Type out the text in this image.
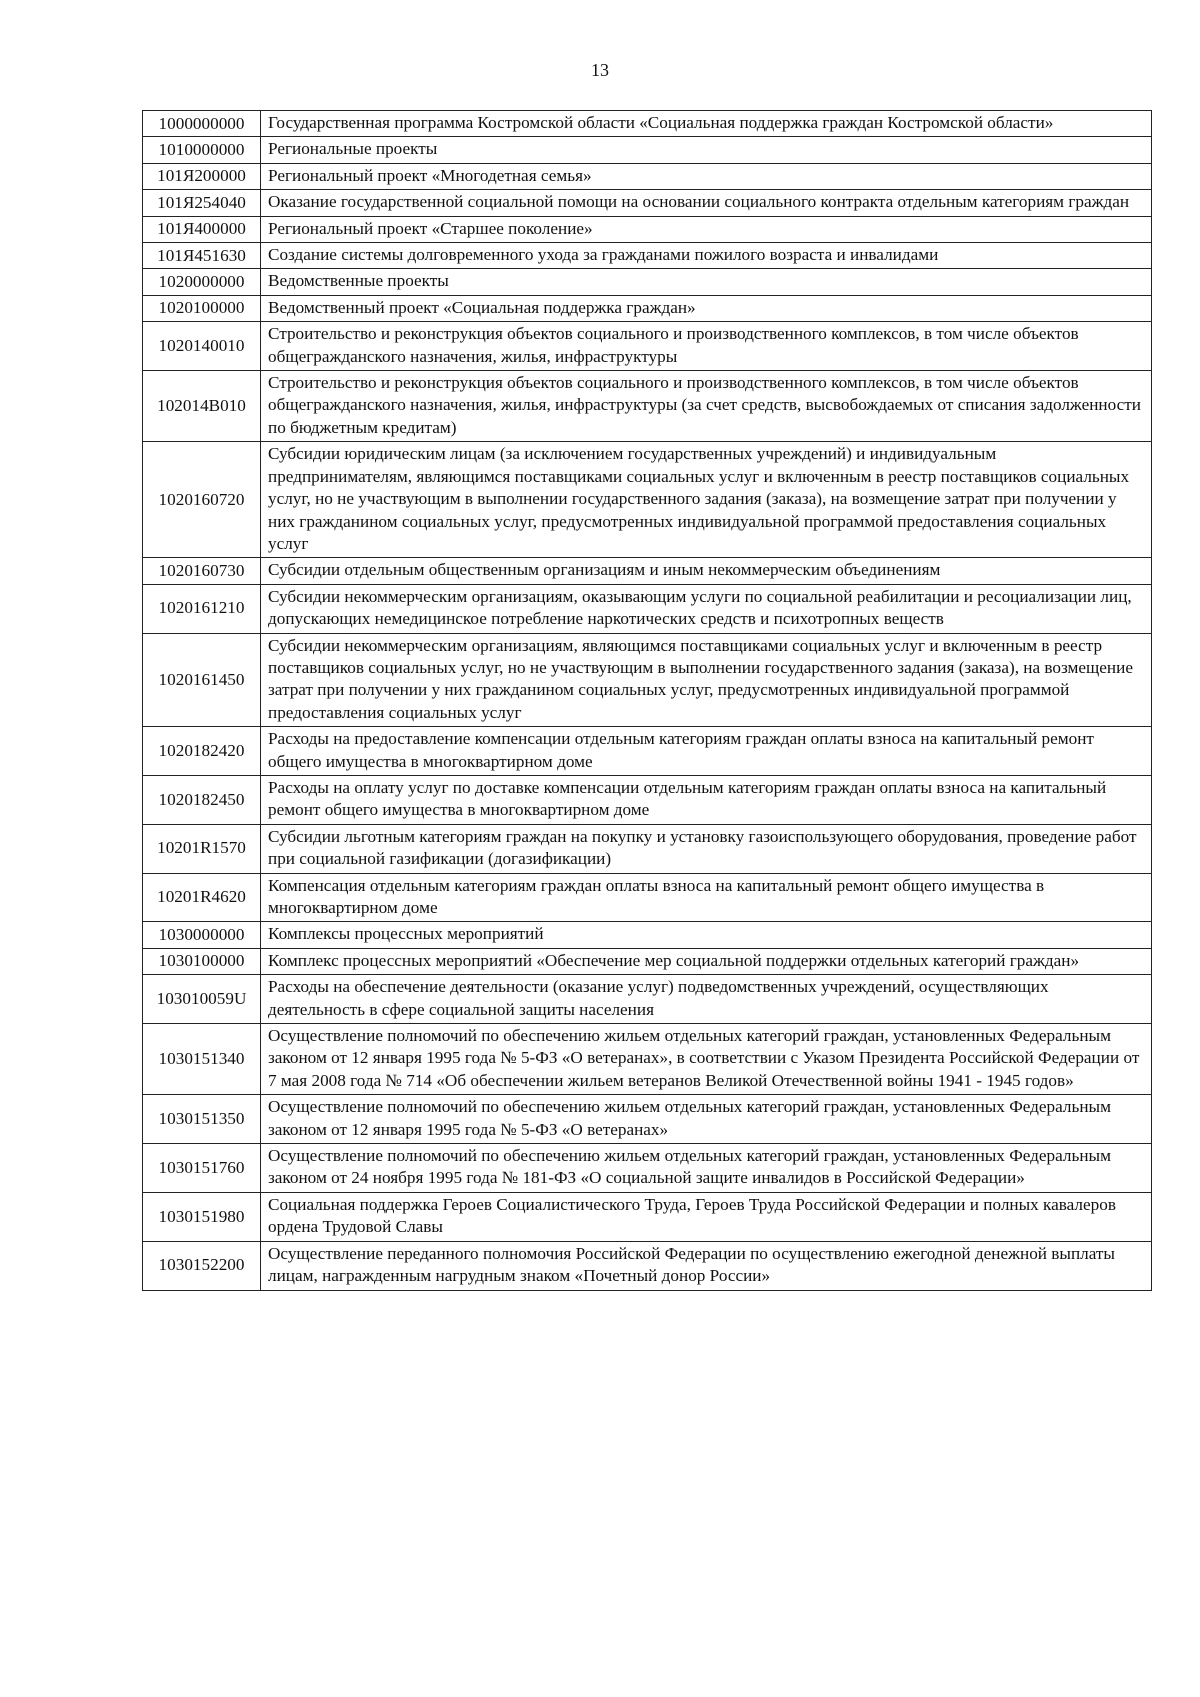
13
1000000000	Государственная программа Костромской области «Социальная поддержка граждан Костромской области»
1010000000	Региональные проекты
101Я200000	Региональный проект «Многодетная семья»
101Я254040	Оказание государственной социальной помощи на основании социального контракта отдельным категориям граждан
101Я400000	Региональный проект «Старшее поколение»
101Я451630	Создание системы долговременного ухода за гражданами пожилого возраста и инвалидами
1020000000	Ведомственные проекты
1020100000	Ведомственный проект «Социальная поддержка граждан»
1020140010	Строительство и реконструкция объектов социального и производственного комплексов, в том числе объектов общегражданского назначения, жилья, инфраструктуры
102014B010	Строительство и реконструкция объектов социального и производственного комплексов, в том числе объектов общегражданского назначения, жилья, инфраструктуры (за счет средств, высвобождаемых от списания задолженности по бюджетным кредитам)
1020160720	Субсидии юридическим лицам (за исключением государственных учреждений) и индивидуальным предпринимателям, являющимся поставщиками социальных услуг и включенным в реестр поставщиков социальных услуг, но не участвующим в выполнении государственного задания (заказа), на возмещение затрат при получении у них гражданином социальных услуг, предусмотренных индивидуальной программой предоставления социальных услуг
1020160730	Субсидии отдельным общественным организациям и иным некоммерческим объединениям
1020161210	Субсидии некоммерческим организациям, оказывающим услуги по социальной реабилитации и ресоциализации лиц, допускающих немедицинское потребление наркотических средств и психотропных веществ
1020161450	Субсидии некоммерческим организациям, являющимся поставщиками социальных услуг и включенным в реестр поставщиков социальных услуг, но не участвующим в выполнении государственного задания (заказа), на возмещение затрат при получении у них гражданином социальных услуг, предусмотренных индивидуальной программой предоставления социальных услуг
1020182420	Расходы на предоставление компенсации отдельным категориям граждан оплаты взноса на капитальный ремонт общего имущества в многоквартирном доме
1020182450	Расходы на оплату услуг по доставке компенсации отдельным категориям граждан оплаты взноса на капитальный ремонт общего имущества в многоквартирном доме
10201R1570	Субсидии льготным категориям граждан на покупку и установку газоиспользующего оборудования, проведение работ при социальной газификации (догазификации)
10201R4620	Компенсация отдельным категориям граждан оплаты взноса на капитальный ремонт общего имущества в многоквартирном доме
1030000000	Комплексы процессных мероприятий
1030100000	Комплекс процессных мероприятий «Обеспечение мер социальной поддержки отдельных категорий граждан»
103010059U	Расходы на обеспечение деятельности (оказание услуг) подведомственных учреждений, осуществляющих деятельность в сфере социальной защиты населения
1030151340	Осуществление полномочий по обеспечению жильем отдельных категорий граждан, установленных Федеральным законом от 12 января 1995 года № 5-ФЗ «О ветеранах», в соответствии с Указом Президента Российской Федерации от 7 мая 2008 года № 714 «Об обеспечении жильем ветеранов Великой Отечественной войны 1941 - 1945 годов»
1030151350	Осуществление полномочий по обеспечению жильем отдельных категорий граждан, установленных Федеральным законом от 12 января 1995 года № 5-ФЗ «О ветеранах»
1030151760	Осуществление полномочий по обеспечению жильем отдельных категорий граждан, установленных Федеральным законом от 24 ноября 1995 года № 181-ФЗ «О социальной защите инвалидов в Российской Федерации»
1030151980	Социальная поддержка Героев Социалистического Труда, Героев Труда Российской Федерации и полных кавалеров ордена Трудовой Славы
1030152200	Осуществление переданного полномочия Российской Федерации по осуществлению ежегодной денежной выплаты лицам, награжденным нагрудным знаком «Почетный донор России»
